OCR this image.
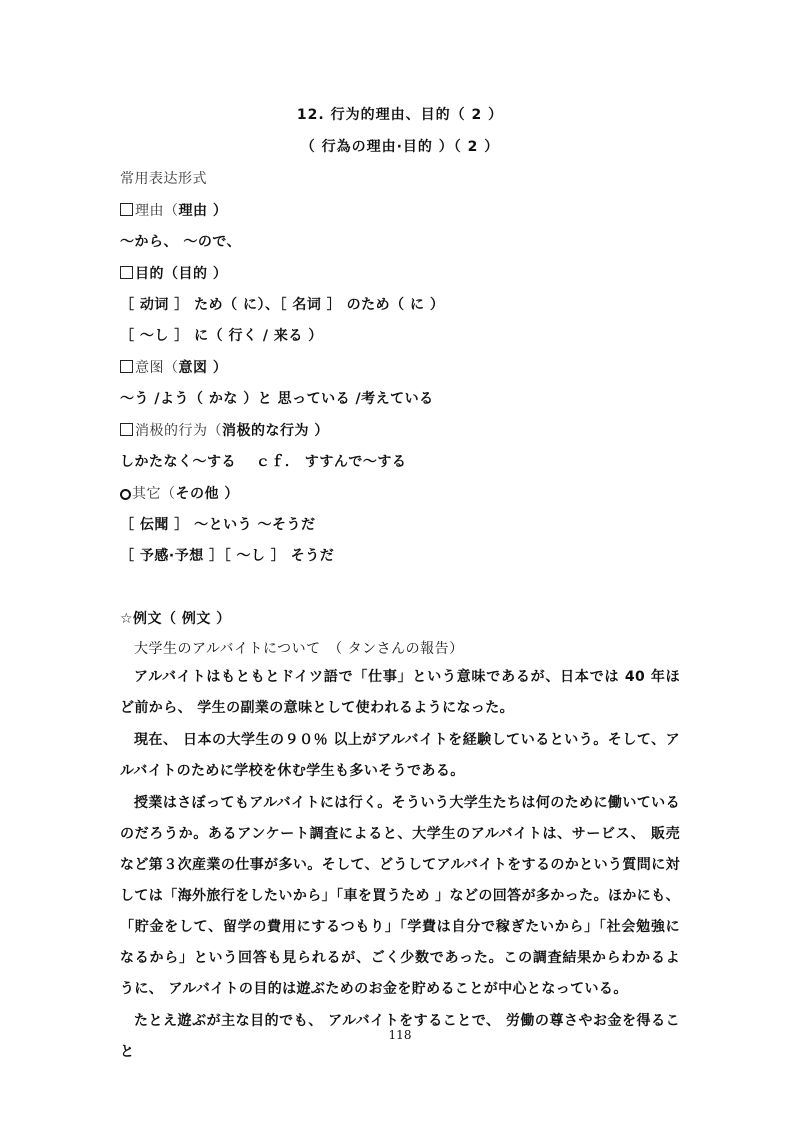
12. 行为的理由、目的（ 2 ）
（ 行為の理由·目的 ）（ 2 ）
常用表达形式
理由（理由 ）
～から、 ～ので、
目的（目的 ）
［ 动词 ］ ため（ に）、［ 名词 ］ のため（ に ）
［ ～し ］ に（ 行く / 来る ）
意图（意図 ）
～う /よう（ かな ）と 思っている /考えている
消极的行为（消极的な行为 ）
しかたなく～する　 ｃｆ． すすんで～する
其它（その他 ）
［ 伝聞 ］ ～という ～そうだ
［ 予感·予想 ］［ ～し ］ そうだ
☆例文（ 例文 ）
大学生のアルバイトについて　（ タンさんの報告）
アルバイトはもともとドイツ語で「仕事」という意味であるが、日本では 40 年ほど前から、 学生の副業の意味として使われるようになった。
現在、 日本の大学生の９０％ 以上がアルバイトを経験しているという。そして、アルバイトのために学校を休む学生も多いそうである。
授業はさぼってもアルバイトには行く。そういう大学生たちは何のために働いているのだろうか。あるアンケート調査によると、大学生のアルバイトは、サービス、 販売など第３次産業の仕事が多い。そして、どうしてアルバイトをするのかという質問に対しては「海外旅行をしたいから」「車を買うため 」などの回答が多かった。ほかにも、「貯金をして、留学の費用にするつもり」「学費は自分で稼ぎたいから」「社会勉強になるから」という回答も見られるが、ごく少数であった。この調査結果からわかるように、 アルバイトの目的は遊ぶためのお金を貯めることが中心となっている。
たとえ遊ぶが主な目的でも、 アルバイトをすることで、 労働の尊さやお金を得ること
118
